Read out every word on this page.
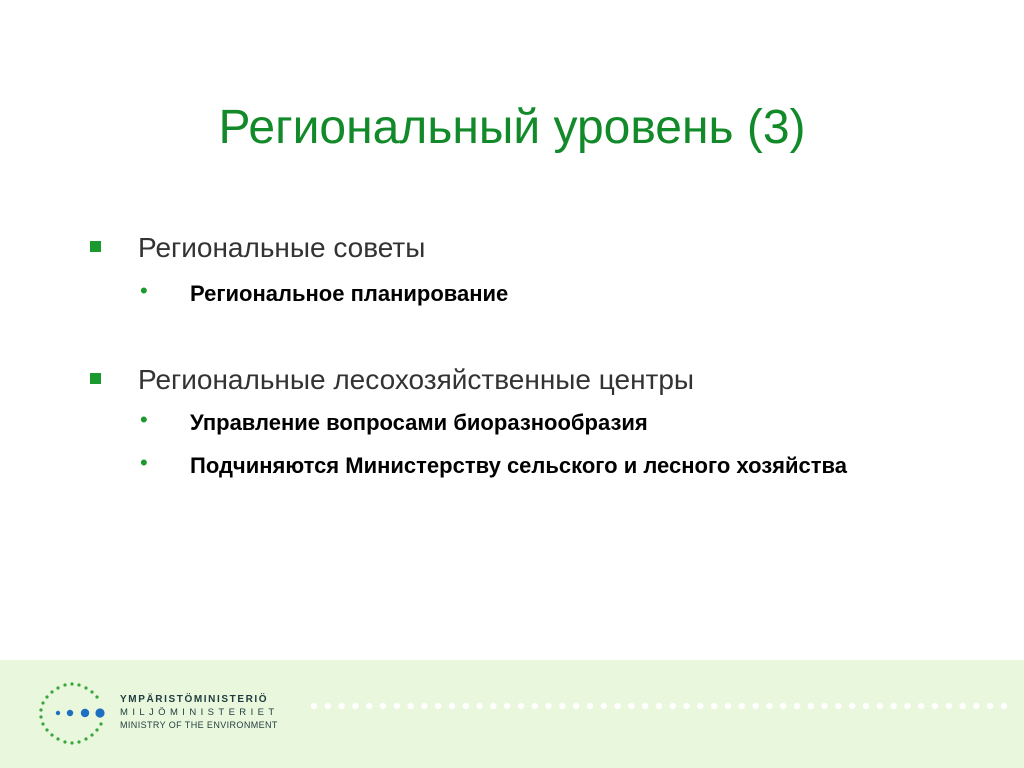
Региональный уровень (3)
Региональные советы
• Региональное планирование
Региональные лесохозяйственные центры
• Управление вопросами биоразнообразия
• Подчиняются Министерству сельского и лесного хозяйства
YMPÄRISTÖMINISTERIÖ
MILJÖMINISTERIET
MINISTRY OF THE ENVIRONMENT
